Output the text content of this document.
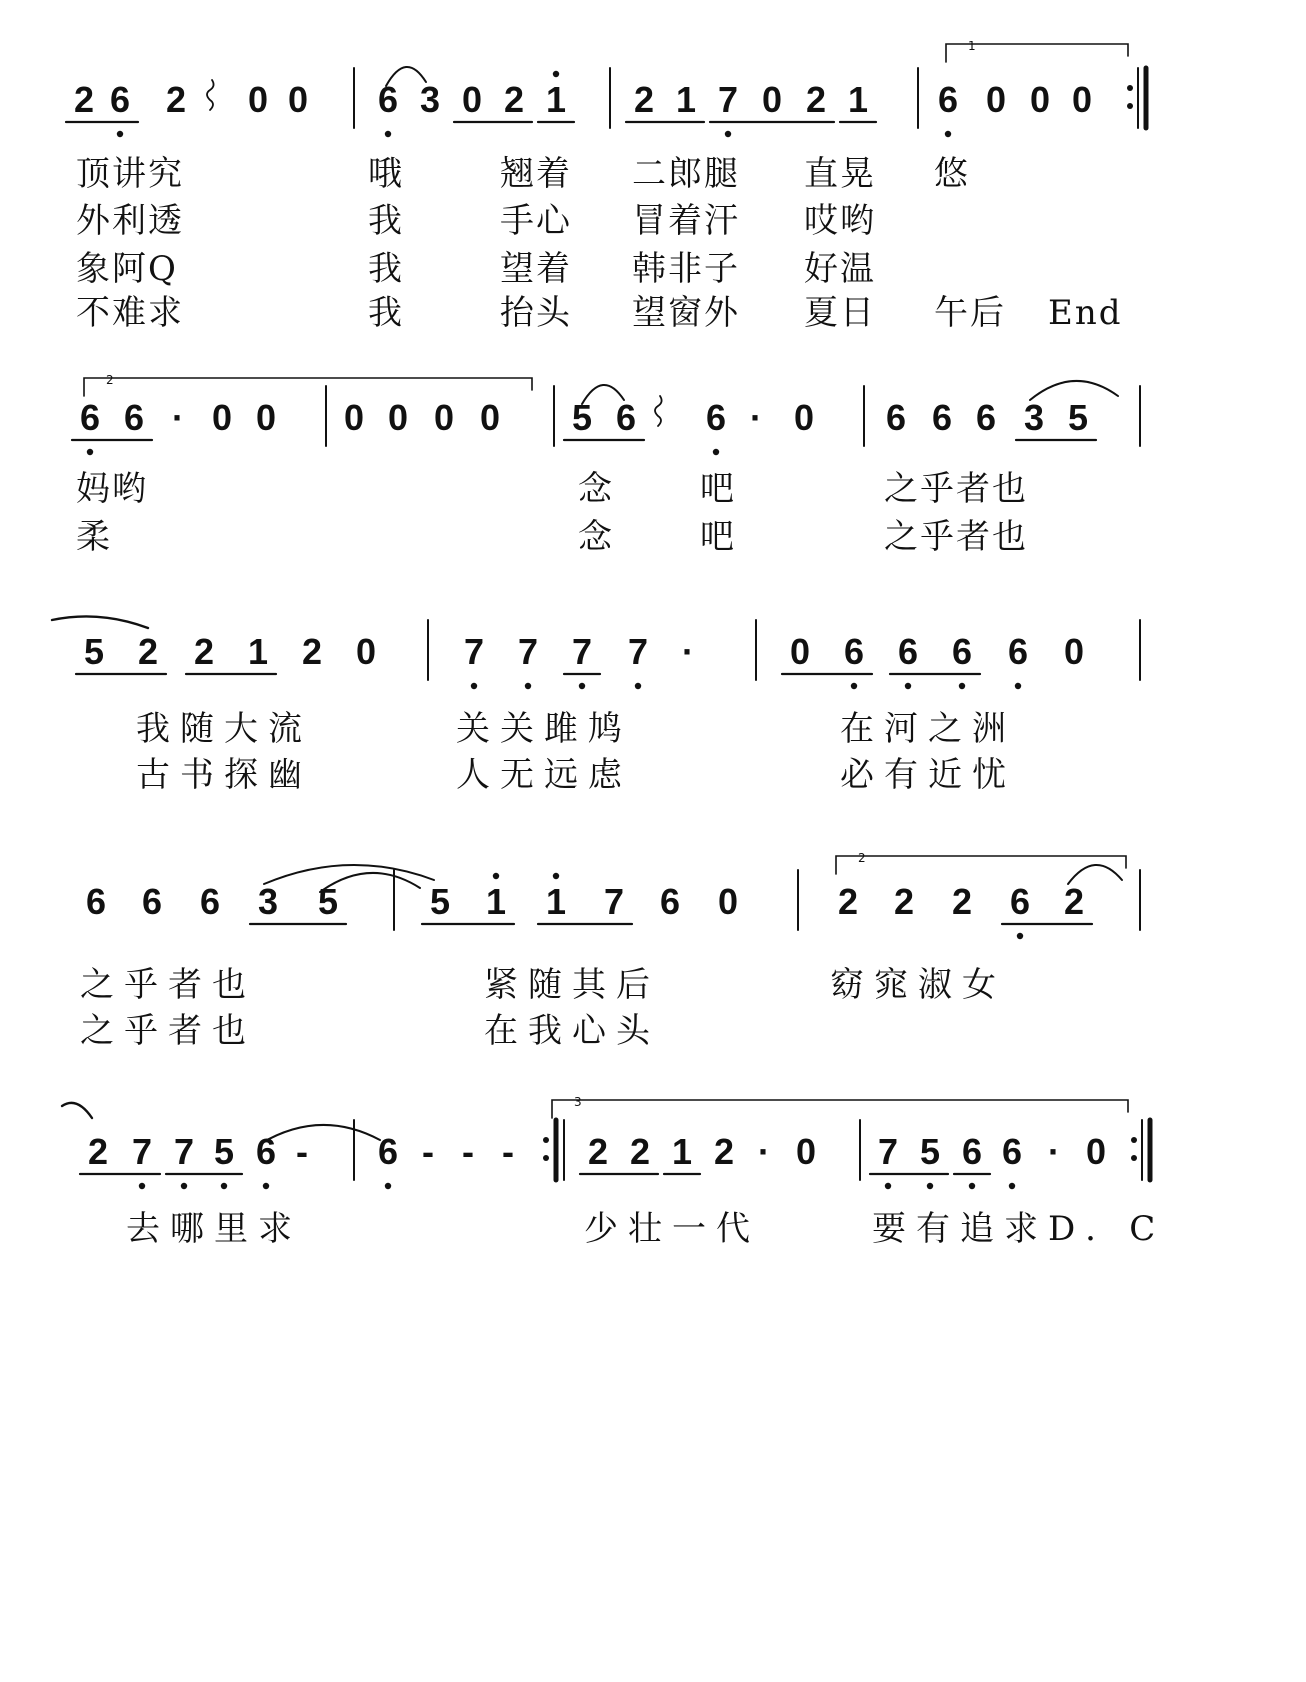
2 6 2 0 0 6 3 0 2 1 2 1 7 0 2 1 6 0 0 0
1
顶讲究	哦	翘着 二郎腿 直晃 悠
外利透	我	手心 冒着汗 哎哟
象阿Q	我	望着 韩非子 好温
不难求	我	抬头 望窗外 夏日 午后 End
6 6 · 0 0 0 0 0 0 5 6 6 · 0 6 6 6 3 5
2
妈哟	念	吧	之乎者也
柔	念	吧	之乎者也
5 2 2 1 2 0 7 7 7 7 ·	0 6 6 6 6 0
我随大流	关关雎鸠	在河之洲
古书探幽	人无远虑	必有近忧
6 6 6 3 5	5 1 1 7 6 0	2 2 2 6 2
2
之乎者也	紧随其后	窈窕淑女
之乎者也	在我心头
2 7 7 5 6 - 6 - - - 2 2 1 2 · 0 7 5 6 6 · 0
3
去哪里求	少壮一代	要有追求D．C
